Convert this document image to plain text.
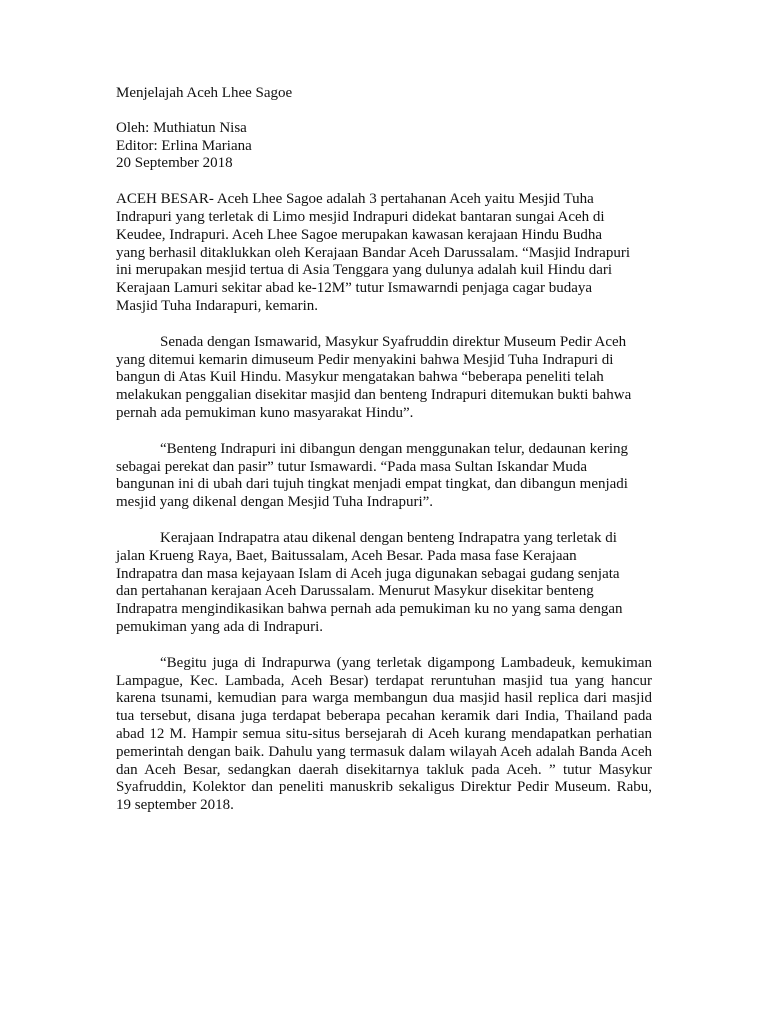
Menjelajah Aceh Lhee Sagoe
Oleh: Muthiatun Nisa
Editor: Erlina Mariana
20 September 2018
ACEH BESAR- Aceh Lhee Sagoe adalah 3 pertahanan Aceh yaitu Mesjid Tuha
Indrapuri yang terletak di Limo mesjid Indrapuri didekat bantaran sungai Aceh di
Keudee, Indrapuri. Aceh Lhee Sagoe merupakan kawasan kerajaan Hindu Budha
yang berhasil ditaklukkan oleh Kerajaan Bandar Aceh Darussalam. “Masjid Indrapuri
ini merupakan mesjid tertua di Asia Tenggara yang dulunya adalah kuil Hindu dari
Kerajaan Lamuri sekitar abad ke-12M” tutur Ismawarndi penjaga cagar budaya
Masjid Tuha Indarapuri, kemarin.
Senada dengan Ismawarid, Masykur Syafruddin direktur Museum Pedir Aceh
yang ditemui kemarin dimuseum Pedir menyakini bahwa Mesjid Tuha Indrapuri di
bangun di Atas Kuil Hindu. Masykur mengatakan bahwa “beberapa peneliti telah
melakukan penggalian disekitar masjid dan benteng Indrapuri ditemukan bukti bahwa
pernah ada pemukiman kuno masyarakat Hindu”.
“Benteng Indrapuri ini dibangun dengan menggunakan telur, dedaunan kering
sebagai perekat dan pasir” tutur Ismawardi. “Pada masa Sultan Iskandar Muda
bangunan ini di ubah dari tujuh tingkat menjadi empat tingkat, dan dibangun menjadi
mesjid yang dikenal dengan Mesjid Tuha Indrapuri”.
Kerajaan Indrapatra atau dikenal dengan benteng Indrapatra yang terletak di
jalan Krueng Raya, Baet, Baitussalam, Aceh Besar. Pada masa fase Kerajaan
Indrapatra dan masa kejayaan Islam di Aceh juga digunakan sebagai gudang senjata
dan pertahanan kerajaan Aceh Darussalam. Menurut Masykur disekitar benteng
Indrapatra mengindikasikan bahwa pernah ada pemukiman ku no yang sama dengan
pemukiman yang ada di Indrapuri.
“Begitu juga di Indrapurwa (yang terletak digampong Lambadeuk, kemukiman Lampague, Kec. Lambada, Aceh Besar) terdapat reruntuhan masjid tua yang hancur karena tsunami, kemudian para warga membangun dua masjid hasil replica dari masjid tua tersebut, disana juga terdapat beberapa pecahan keramik dari India, Thailand pada abad 12 M. Hampir semua situ-situs bersejarah di Aceh kurang mendapatkan perhatian pemerintah dengan baik. Dahulu yang termasuk dalam wilayah Aceh adalah Banda Aceh dan Aceh Besar, sedangkan daerah disekitarnya takluk pada Aceh. ” tutur Masykur Syafruddin, Kolektor dan peneliti manuskrib sekaligus Direktur Pedir Museum. Rabu, 19 september 2018.
